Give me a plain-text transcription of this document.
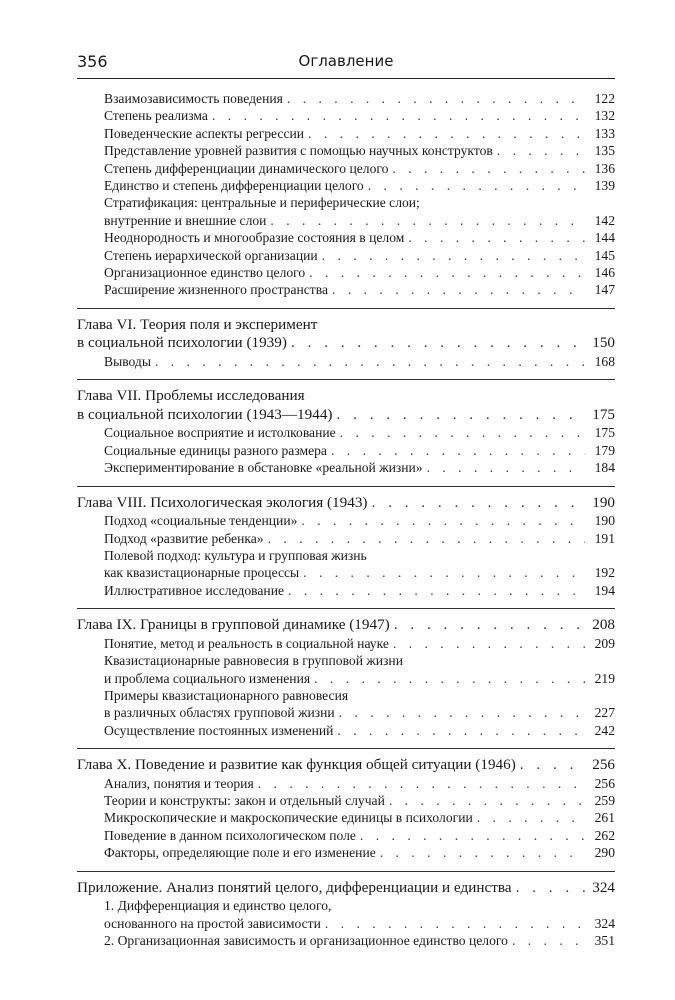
356	Оглавление
Взаимозависимость поведения . . .	122
Степень реализма . . .	132
Поведенческие аспекты регрессии . . .	133
Представление уровней развития с помощью научных конструктов . . .	135
Степень дифференциации динамического целого . . .	136
Единство и степень дифференциации целого . . .	139
Стратификация: центральные и периферические слои;
внутренние и внешние слои . . .	142
Неоднородность и многообразие состояния в целом . . .	144
Степень иерархической организации . . .	145
Организационное единство целого . . .	146
Расширение жизненного пространства . . .	147
Глава VI. Теория поля и эксперимент
в социальной психологии (1939) . . .	150
Выводы . . .	168
Глава VII. Проблемы исследования
в социальной психологии (1943—1944) . . .	175
Социальное восприятие и истолкование . . .	175
Социальные единицы разного размера . . .	179
Экспериментирование в обстановке «реальной жизни» . . .	184
Глава VIII. Психологическая экология (1943) . . .	190
Подход «социальные тенденции» . . .	190
Подход «развитие ребенка» . . .	191
Полевой подход: культура и групповая жизнь
как квазистационарные процессы . . .	192
Иллюстративное исследование . . .	194
Глава IX. Границы в групповой динамике (1947) . . .	208
Понятие, метод и реальность в социальной науке . . .	209
Квазистационарные равновесия в групповой жизни
и проблема социального изменения . . .	219
Примеры квазистационарного равновесия
в различных областях групповой жизни . . .	227
Осуществление постоянных изменений . . .	242
Глава X. Поведение и развитие как функция общей ситуации (1946) . . .	256
Анализ, понятия и теория . . .	256
Теории и конструкты: закон и отдельный случай . . .	259
Микроскопические и макроскопические единицы в психологии . . .	261
Поведение в данном психологическом поле . . .	262
Факторы, определяющие поле и его изменение . . .	290
Приложение. Анализ понятий целого, дифференциации и единства . . .	324
1. Дифференциация и единство целого,
основанного на простой зависимости . . .	324
2. Организационная зависимость и организационное единство целого . . .	351
